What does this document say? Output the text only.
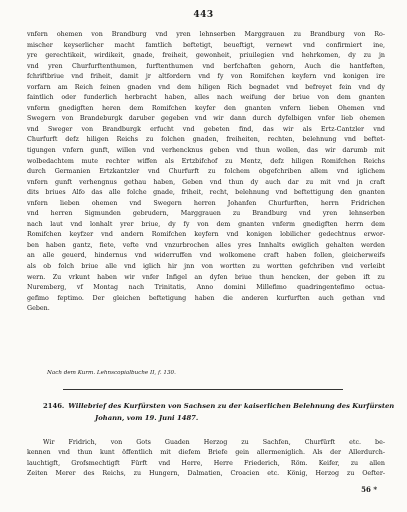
443
vnfern ohemen von Brandburg vnd yren lehnserben Marggrauen zu Brandburg von Ro-
mischer keyserlicher macht famtlich beftetigt, beueftigt, vernewt vnd confirmiert ine,
yre gerechtikeit, wirdikeit, gnade, freiheit, gewonheit, priuilegien vnd hehrkomen, dy zu jn
vnd yren Churfurftenthumen, furftenthumen vnd berfchaften gehorn, Auch die hantfeften,
fchriftbriue vnd friheit, damit jr altfordern vnd fy von Romifchen keyfern vnd konigen ire
vorfarn am Reich feinen gnaden vnd dem hiligen Rich begnadet vnd befreyet fein vnd dy
faintlich oder funderlich herbracht haben, alles nach weifung der briue von dem gnanten
vnferm gnedigften heren dem Romifchen keyfer den gnanten vnfern lieben Ohemen vnd
Swegern von Brandeburgk daruber gegeben vnd wir dann durch dyfelbigen vnfer lieb ohemen
vnd Sweger von Brandburgk erfucht vnd gebeten find, das wir als Ertz-Cantzler vnd
Churfurft defz hiligen Reichs zu folchen gnaden, freiheiten, rechten, belehnung vnd beftet-
tigungen vnfern gunft, willen vnd verhencknus geben vnd thun wollen, das wir darumb mit
wolbedachtem mute rechter wiffen als Ertzbifchof zu Mentz, defz hiligen Romifchen Reichs
durch Germanien Ertzkantzler vnd Churfurft zu folchem obgefchriben allem vnd iglichem
vnfern gunft verhengnus gethau haben, Geben vnd thun dy auch dar zu mit vnd jn craft
dits briues Alfo das alle folche gnade, friheit, recht, belehnung vnd beftettigung den gnanten
vnfern lieben ohemen vnd Swegern herren Johanfen Churfurften, herrn Fridrichen
vnd herren Sigmunden gebrudern, Marggrauen zu Brandburg vnd yren lehnserben
nach laut vnd lonhalt yrer briue, dy fy von dem gnanten vnferm gnedigften herrn dem
Romifchen keyfzer vnd andern Romifchen keyfern vnd konigen lobilicher gedechtnus erwor-
ben haben gantz, fiete, vefte vnd vnzurbrochen alles yres Innhalts ewiglich gehalten werden
an alle geuerd, hindernus vnd widerruffen vnd wolkomene craft haben follen, gleicherweifs
als ob folch briue alle vnd iglich hir jnn von wortten zu wortten gefchriben vnd verleibt
wern. Zu vrkunt haben wir vnfer Infigel an dyfen briue thun hencken, der geben ift zu
Nuremberg, vf Montag nach Trinitatis, Anno domini Millefimo quadringentefimo octua-
gefimo feptimo. Der gleichen beftetigung haben die anderen kurfurften auch gethan vnd
Geben.
Nach dem Kurm. Lehnscopialbuche II, f. 130.
2146. Willebrief des Kurfürsten von Sachsen zu der kaiserlichen Belehnung des Kurfürsten
Johann, vom 19. Juni 1487.
Wir Fridrich, von Gots Guaden Herzog zu Sachfen, Churfürft etc. be-
kennen vnd thun kunt öffentlich mit diefem Briefe gein allermeniglich. Als der Allerdurch-
lauchtigft, Grofsmechtigft Fürft vnd Herre, Herre Friederich, Röm. Keifer, zu allen
Zeiten Merer des Reichs, zu Hungern, Dalmatien, Croacien etc. König, Herzog zu Oefter-
56 *
